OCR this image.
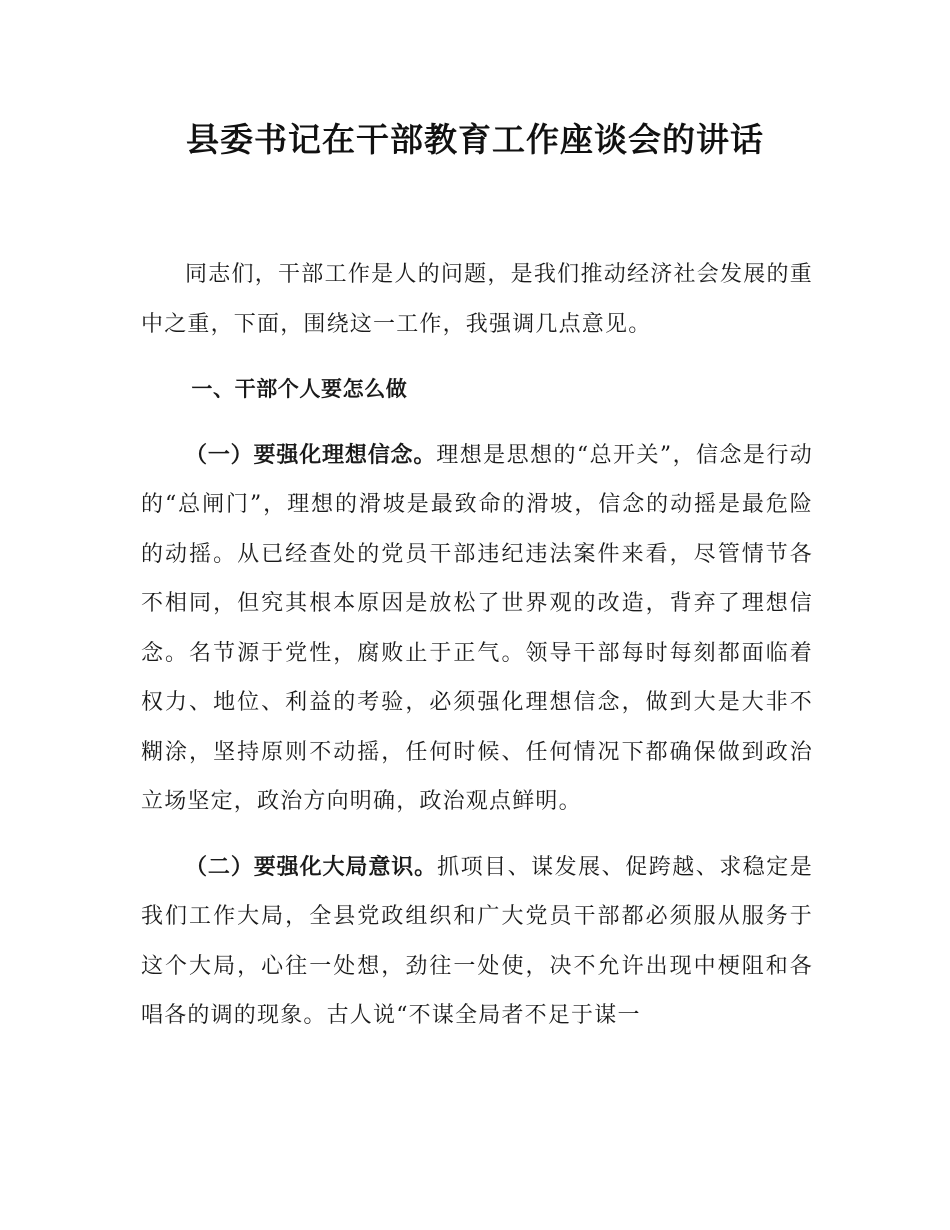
县委书记在干部教育工作座谈会的讲话

同志们，干部工作是人的问题，是我们推动经济社会发展的重中之重，下面，围绕这一工作，我强调几点意见。

一、干部个人要怎么做

（一）要强化理想信念。理想是思想的“总开关”，信念是行动的“总闸门”，理想的滑坡是最致命的滑坡，信念的动摇是最危险的动摇。从已经查处的党员干部违纪违法案件来看，尽管情节各不相同，但究其根本原因是放松了世界观的改造，背弃了理想信念。名节源于党性，腐败止于正气。领导干部每时每刻都面临着权力、地位、利益的考验，必须强化理想信念，做到大是大非不糊涂，坚持原则不动摇，任何时候、任何情况下都确保做到政治立场坚定，政治方向明确，政治观点鲜明。

（二）要强化大局意识。抓项目、谋发展、促跨越、求稳定是我们工作大局，全县党政组织和广大党员干部都必须服从服务于这个大局，心往一处想，劲往一处使，决不允许出现中梗阻和各唱各的调的现象。古人说“不谋全局者不足于谋一
